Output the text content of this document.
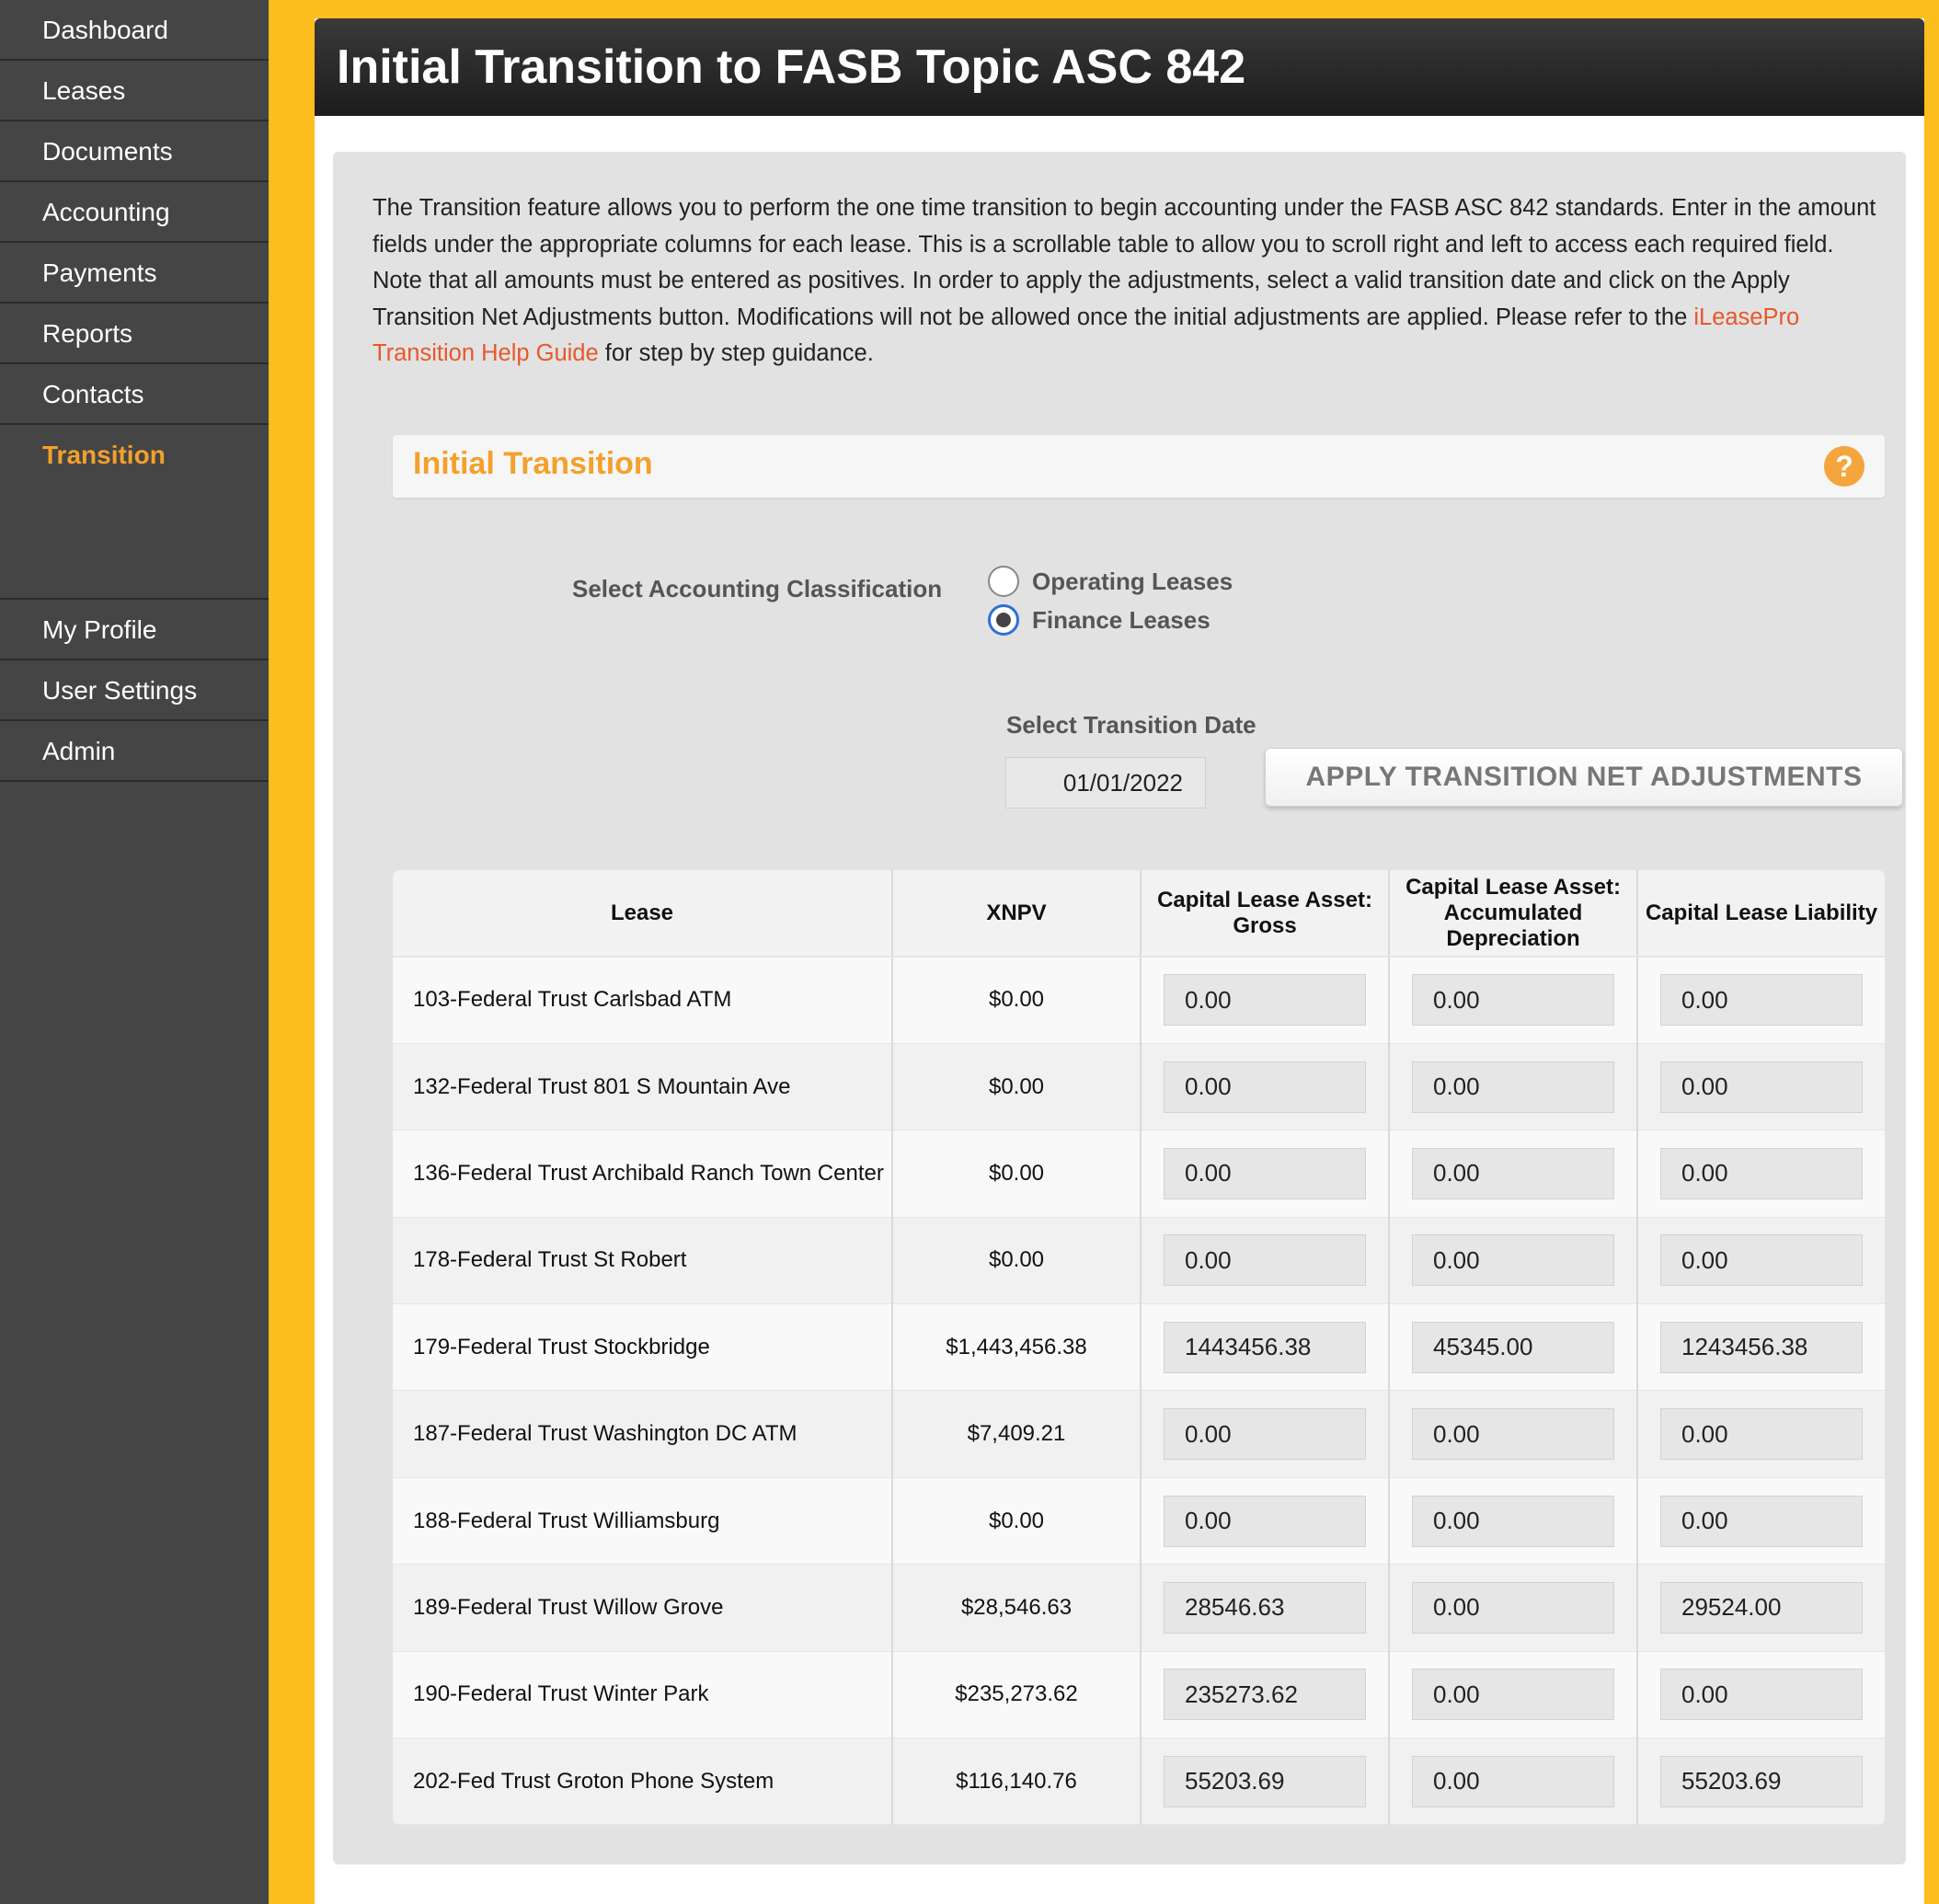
Dashboard
Leases
Documents
Accounting
Payments
Reports
Contacts
Transition
My Profile
User Settings
Admin
Initial Transition to FASB Topic ASC 842

The Transition feature allows you to perform the one time transition to begin accounting under the FASB ASC 842 standards. Enter in the amount fields under the appropriate columns for each lease. This is a scrollable table to allow you to scroll right and left to access each required field. Note that all amounts must be entered as positives. In order to apply the adjustments, select a valid transition date and click on the Apply Transition Net Adjustments button. Modifications will not be allowed once the initial adjustments are applied. Please refer to the iLeasePro Transition Help Guide for step by step guidance.

Initial Transition	?
Select Accounting Classification	Operating Leases
Finance Leases
Select Transition Date
01/01/2022
APPLY TRANSITION NET ADJUSTMENTS
Lease	XNPV	Capital Lease Asset: Gross	Capital Lease Asset: Accumulated Depreciation	Capital Lease Liability
103-Federal Trust Carlsbad ATM	$0.00	0.00	0.00	0.00
132-Federal Trust 801 S Mountain Ave	$0.00	0.00	0.00	0.00
136-Federal Trust Archibald Ranch Town Center	$0.00	0.00	0.00	0.00
178-Federal Trust St Robert	$0.00	0.00	0.00	0.00
179-Federal Trust Stockbridge	$1,443,456.38	1443456.38	45345.00	1243456.38
187-Federal Trust Washington DC ATM	$7,409.21	0.00	0.00	0.00
188-Federal Trust Williamsburg	$0.00	0.00	0.00	0.00
189-Federal Trust Willow Grove	$28,546.63	28546.63	0.00	29524.00
190-Federal Trust Winter Park	$235,273.62	235273.62	0.00	0.00
202-Fed Trust Groton Phone System	$116,140.76	55203.69	0.00	55203.69
